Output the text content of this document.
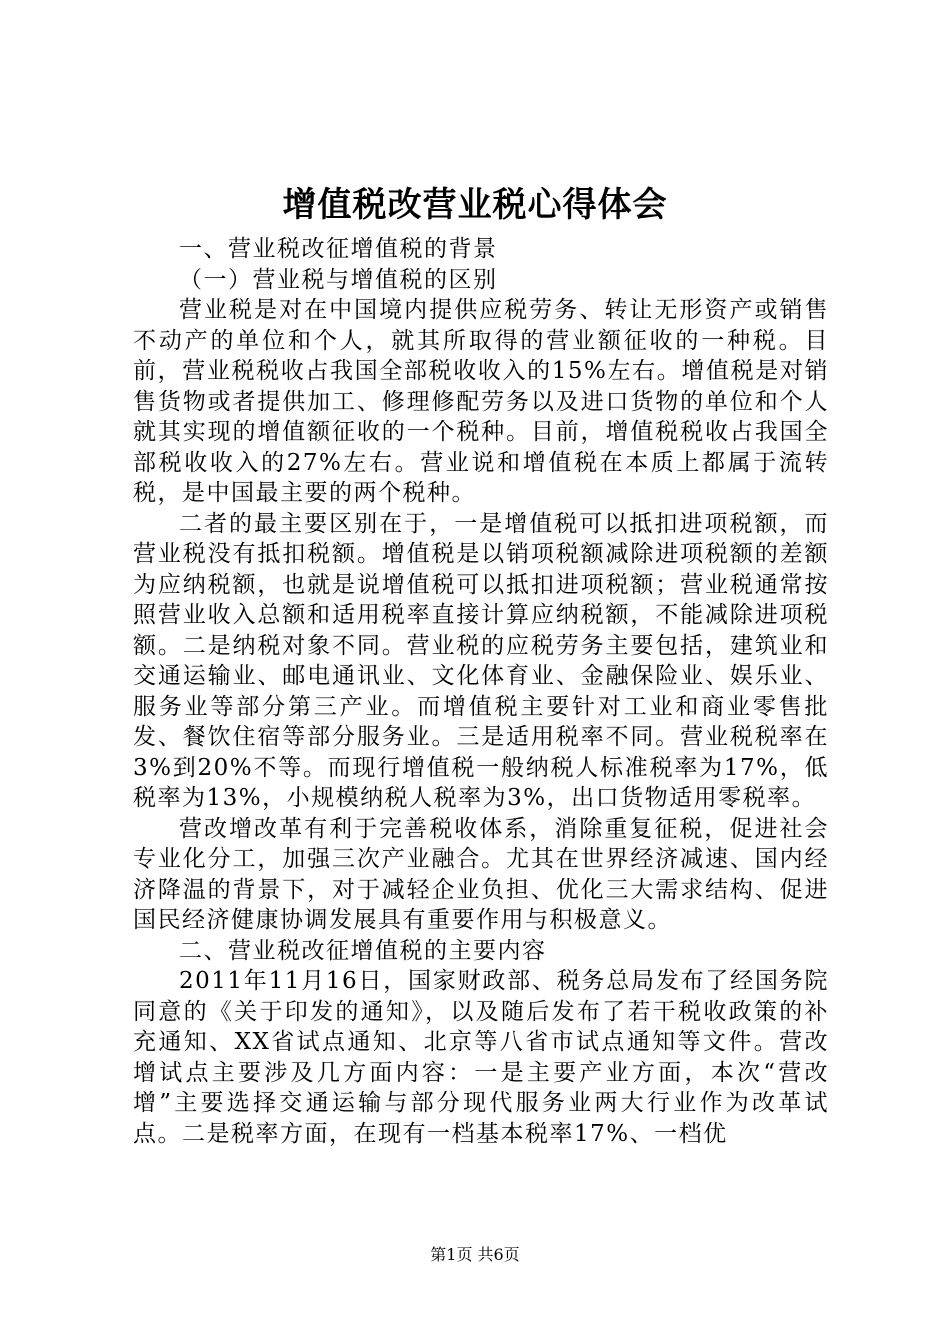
增值税改营业税心得体会

一、营业税改征增值税的背景

（一）营业税与增值税的区别

营业税是对在中国境内提供应税劳务、转让无形资产或销售不动产的单位和个人，就其所取得的营业额征收的一种税。目前，营业税税收占我国全部税收收入的15%左右。增值税是对销售货物或者提供加工、修理修配劳务以及进口货物的单位和个人就其实现的增值额征收的一个税种。目前，增值税税收占我国全部税收收入的27%左右。营业说和增值税在本质上都属于流转税，是中国最主要的两个税种。

二者的最主要区别在于，一是增值税可以抵扣进项税额，而营业税没有抵扣税额。增值税是以销项税额减除进项税额的差额为应纳税额，也就是说增值税可以抵扣进项税额；营业税通常按照营业收入总额和适用税率直接计算应纳税额，不能减除进项税额。二是纳税对象不同。营业税的应税劳务主要包括，建筑业和交通运输业、邮电通讯业、文化体育业、金融保险业、娱乐业、服务业等部分第三产业。而增值税主要针对工业和商业零售批发、餐饮住宿等部分服务业。三是适用税率不同。营业税税率在3%到20%不等。而现行增值税一般纳税人标准税率为17%，低税率为13%，小规模纳税人税率为3%，出口货物适用零税率。

营改增改革有利于完善税收体系，消除重复征税，促进社会专业化分工，加强三次产业融合。尤其在世界经济减速、国内经济降温的背景下，对于减轻企业负担、优化三大需求结构、促进国民经济健康协调发展具有重要作用与积极意义。

二、营业税改征增值税的主要内容

2011年11月16日，国家财政部、税务总局发布了经国务院同意的《关于印发的通知》，以及随后发布了若干税收政策的补充通知、XX省试点通知、北京等八省市试点通知等文件。营改增试点主要涉及几方面内容：一是主要产业方面，本次“营改增”主要选择交通运输与部分现代服务业两大行业作为改革试点。二是税率方面，在现有一档基本税率17%、一档优

第1页 共6页
